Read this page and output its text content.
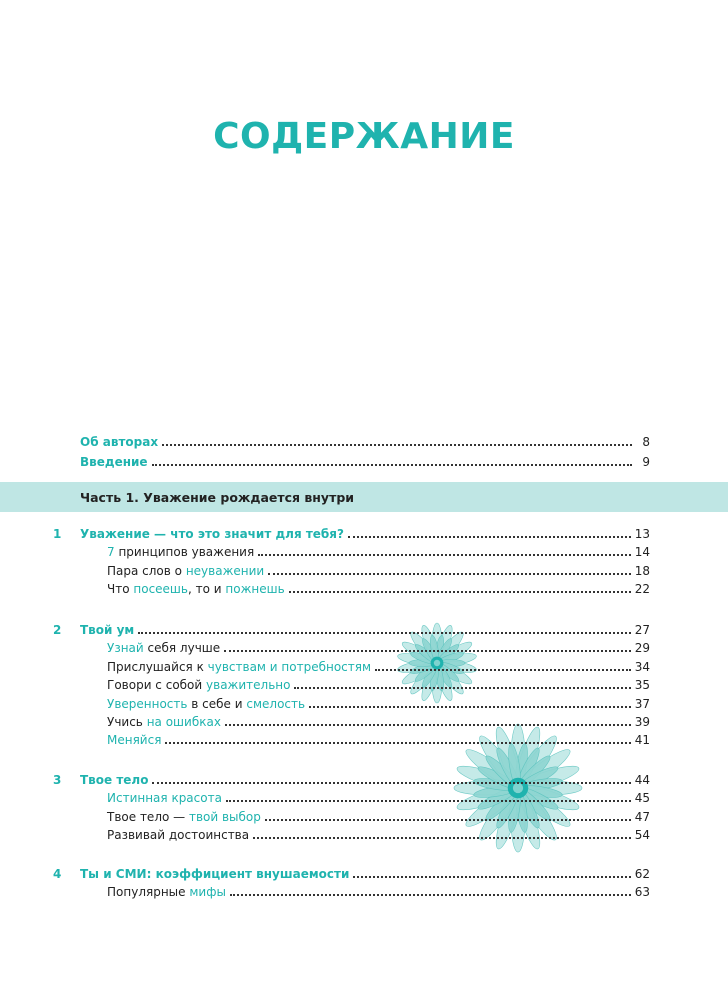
СОДЕРЖАНИЕ
Об авторах	8
Введение	9
Часть 1. Уважение рождается внутри
1	Уважение — что это значит для тебя?	13
7 принципов уважения	14
Пара слов о неуважении	18
Что посеешь, то и пожнешь	22
2	Твой ум	27
Узнай себя лучше	29
Прислушайся к чувствам и потребностям	34
Говори с собой уважительно	35
Уверенность в себе и смелость	37
Учись на ошибках	39
Меняйся	41
3	Твое тело	44
Истинная красота	45
Твое тело — твой выбор	47
Развивай достоинства	54
4	Ты и СМИ: коэффициент внушаемости	62
Популярные мифы	63
